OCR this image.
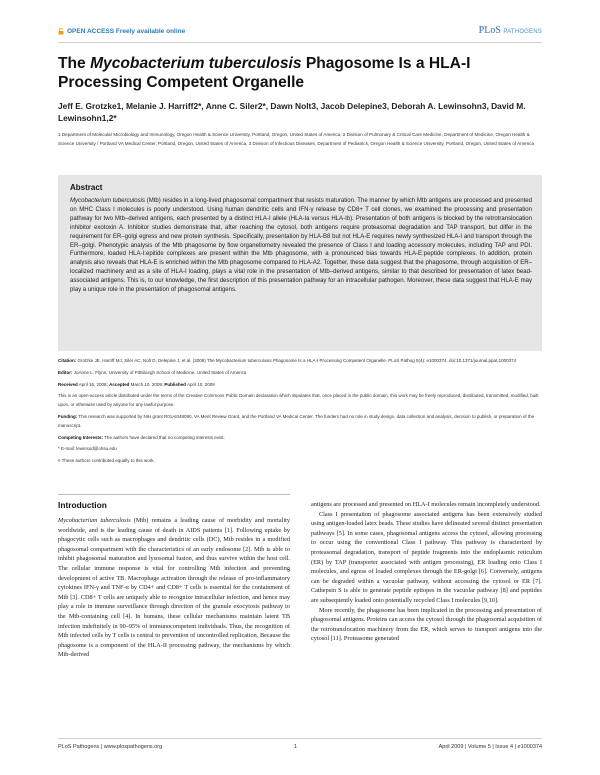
OPEN ACCESS Freely available online	PLoS PATHOGENS
The Mycobacterium tuberculosis Phagosome Is a HLA-I Processing Competent Organelle
Jeff E. Grotzke1, Melanie J. Harriff2*, Anne C. Siler2*, Dawn Nolt3, Jacob Delepine3, Deborah A. Lewinsohn3, David M. Lewinsohn1,2*
1 Department of Molecular Microbiology and Immunology, Oregon Health & Science University, Portland, Oregon, United States of America, 2 Division of Pulmonary & Critical Care Medicine, Department of Medicine, Oregon Health & Science University / Portland VA Medical Center, Portland, Oregon, United States of America, 3 Division of Infectious Diseases, Department of Pediatrics, Oregon Health & Science University, Portland, Oregon, United States of America
Abstract
Mycobacterium tuberculosis (Mtb) resides in a long-lived phagosomal compartment that resists maturation. The manner by which Mtb antigens are processed and presented on MHC Class I molecules is poorly understood. Using human dendritic cells and IFN-γ release by CD8+ T cell clones, we examined the processing and presentation pathway for two Mtb–derived antigens, each presented by a distinct HLA-I allele (HLA-Ia versus HLA-Ib). Presentation of both antigens is blocked by the retrotranslocation inhibitor exotoxin A. Inhibitor studies demonstrate that, after reaching the cytosol, both antigens require proteasomal degradation and TAP transport, but differ in the requirement for ER–golgi egress and new protein synthesis. Specifically, presentation by HLA-B8 but not HLA-E requires newly synthesized HLA-I and transport through the ER–golgi. Phenotypic analysis of the Mtb phagosome by flow organellometry revealed the presence of Class I and loading accessory molecules, including TAP and PDI. Furthermore, loaded HLA-I:epitide complexes are present within the Mtb phagosome, with a pronounced bias towards HLA-E:peptide complexes. In addition, protein analysis also reveals that HLA-E is enriched within the Mtb phagosome compared to HLA-A2. Together, these data suggest that the phagosome, through acquisition of ER–localized machinery and as a site of HLA-I loading, plays a vital role in the presentation of Mtb–derived antigens, similar to that described for presentation of latex bead-associated antigens. This is, to our knowledge, the first description of this presentation pathway for an intracellular pathogen. Moreover, these data suggest that HLA-E may play a unique role in the presentation of phagosomal antigens.

Citation: Grotzke JE, Harriff MJ, Siler AC, Nolt D, Delepine J, et al. (2009) The Mycobacterium tuberculosis Phagosome Is a HLA-I Processing Competent Organelle. PLoS Pathog 5(4): e1000374. doi:10.1371/journal.ppat.1000374

Editor: JoAnne L. Flynn, University of Pittsburgh School of Medicine, United States of America

Received April 16, 2008; Accepted March 10, 2009; Published April 10, 2009

This is an open-access article distributed under the terms of the Creative Commons Public Domain declaration which stipulates that, once placed in the public domain, this work may be freely reproduced, distributed, transmitted, modified, built upon, or otherwise used by anyone for any lawful purpose.

Funding: This research was supported by NIH grant R01AI048090, VA Merit Review Grant, and the Portland VA Medical Center. The funders had no role in study design, data collection and analysis, decision to publish, or preparation of the manuscript.

Competing Interests: The authors have declared that no competing interests exist.

* E-mail: lewinsod@ohsu.edu

¤ These authors contributed equally to this work.

Introduction

Mycobacterium tuberculosis (Mtb) remains a leading cause of morbidity and mortality worldwide, and is the leading cause of death in AIDS patients [1]. Following uptake by phagocytic cells such as macrophages and dendritic cells (DC), Mtb resides in a modified phagosomal compartment with the characteristics of an early endosome [2]. Mtb is able to inhibit phagosomal maturation and lysosomal fusion, and thus survive within the host cell. The cellular immune response is vital for controlling Mtb infection and preventing development of active TB. Macrophage activation through the release of pro-inflammatory cytokines IFN-γ and TNF-α by CD4+ and CD8+ T cells is essential for the containment of Mtb [3]. CD8+ T cells are uniquely able to recognize intracellular infection, and hence may play a role in immune surveillance through direction of the granule exocytosis pathway to the Mtb-containing cell [4]. In humans, these cellular mechanisms maintain latent TB infection indefinitely in 90–95% of immunocompetent individuals. Thus, the recognition of Mtb infected cells by T cells is central to prevention of uncontrolled replication. Because the phagosome is a component of the HLA-II processing pathway, the mechanisms by which Mtb-derived

antigens are processed and presented on HLA-I molecules remain incompletely understood.

Class I presentation of phagosome associated antigens has been extensively studied using antigen-loaded latex beads. These studies have delineated several distinct presentation pathways [5]. In some cases, phagosomal antigens access the cytosol, allowing processing to occur using the conventional Class I pathway. This pathway is characterized by proteasomal degradation, transport of peptide fragments into the endoplasmic reticulum (ER) by TAP (transporter associated with antigen processing), ER loading onto Class I molecules, and egress of loaded complexes through the ER-golgi [6]. Conversely, antigens can be degraded within a vacuolar pathway, without accessing the cytosol or ER [7]. Cathepsin S is able to generate peptide epitopes in the vacuolar pathway [8] and peptides are subsequently loaded onto potentially recycled Class I molecules [9,10].

More recently, the phagosome has been implicated in the processing and presentation of phagosomal antigens. Proteins can access the cytosol through the phagosomal acquisition of the retrotranslocation machinery from the ER, which serves to transport antigens into the cytosol [11]. Proteasome generated

PLoS Pathogens | www.plospathogens.org	1	April 2009 | Volume 5 | Issue 4 | e1000374
